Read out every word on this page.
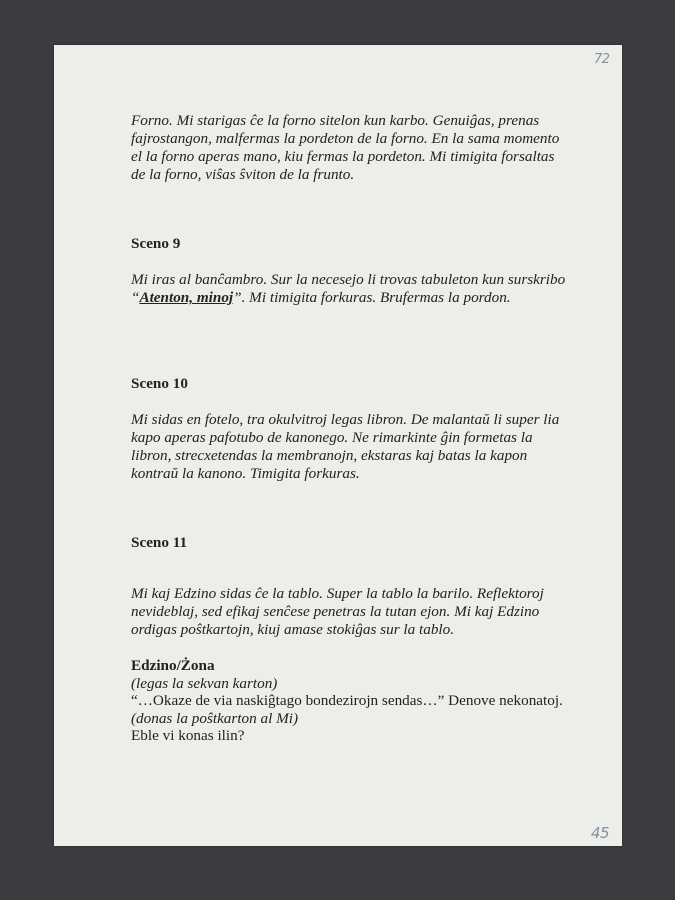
72
Forno. Mi starigas ĉe la forno sitelon kun karbo. Genuiĝas, prenas fajrostangon, malfermas la pordeton de la forno. En la sama momento el la forno aperas mano, kiu fermas la pordeton. Mi timigita forsaltas de la forno, viŝas ŝviton de la frunto.
Sceno 9
Mi iras al banĉambro. Sur la necesejo li trovas tabuleton kun surskribo “Atenton, minoj”. Mi timigita forkuras. Brufermas la pordon.
Sceno 10
Mi sidas en fotelo, tra okulvitroj legas libron. De malantaŭ li super lia kapo aperas pafotubo de kanonego. Ne rimarkinte ĝin formetas la libron, strecxetendas la membranojn, ekstaras kaj batas la kapon kontraŭ la kanono. Timigita forkuras.
Sceno 11
Mi kaj Edzino sidas ĉe la tablo. Super la tablo la barilo. Reflektoroj nevideblaj, sed efikaj senĉese penetras la tutan ejon. Mi kaj Edzino ordigas poŝtkartojn, kiuj amase stokiĝas sur la tablo.
Edzino/Żona
(legas la sekvan karton)
“…Okaze de via naskiĝtago bondezirojn sendas…” Denove nekonatoj.
(donas la poŝtkarton al Mi)
Eble vi konas ilin?
45
